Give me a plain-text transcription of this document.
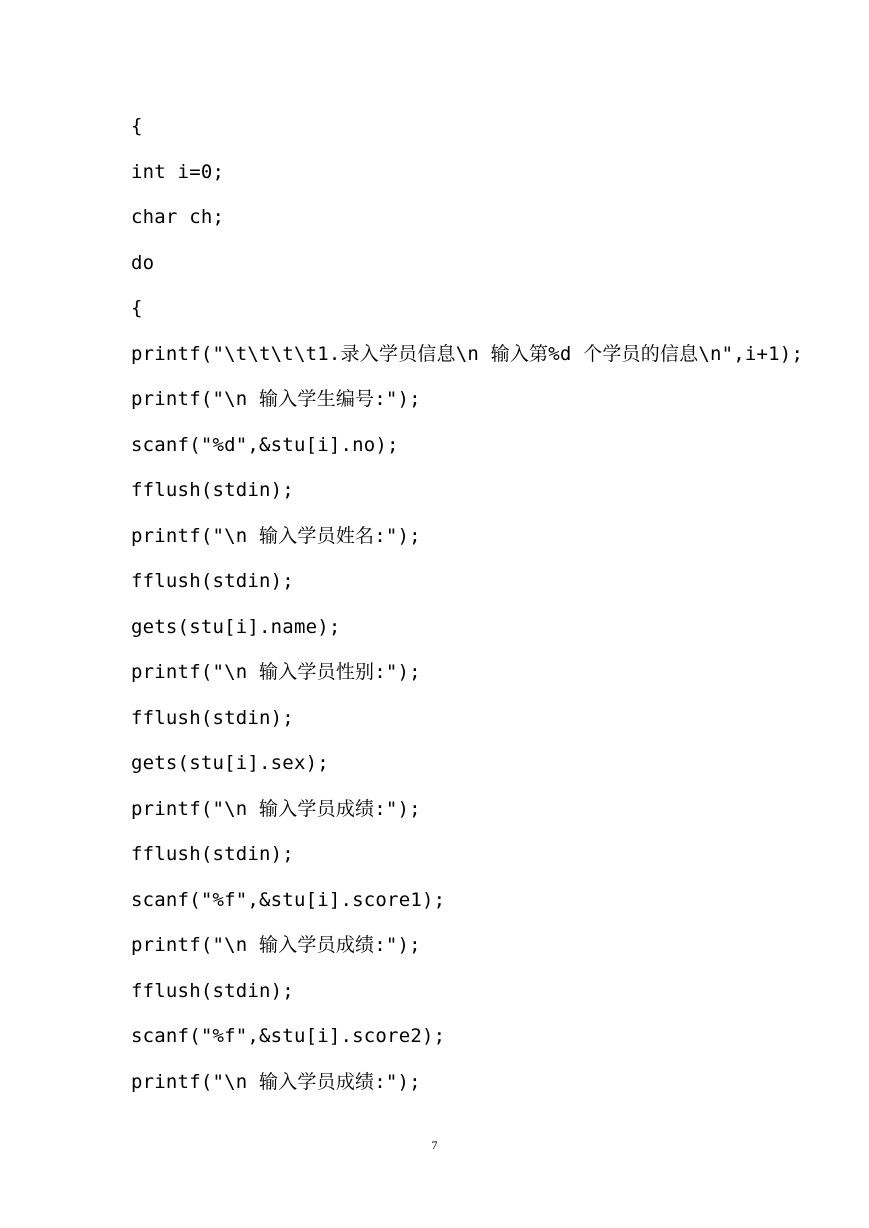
{
int i=0;
char ch;
do
{
printf("\t\t\t\t1.录入学员信息\n 输入第%d 个学员的信息\n",i+1);
printf("\n 输入学生编号:");
scanf("%d",&stu[i].no);
fflush(stdin);
printf("\n 输入学员姓名:");
fflush(stdin);
gets(stu[i].name);
printf("\n 输入学员性别:");
fflush(stdin);
gets(stu[i].sex);
printf("\n 输入学员成绩:");
fflush(stdin);
scanf("%f",&stu[i].score1);
printf("\n 输入学员成绩:");
fflush(stdin);
scanf("%f",&stu[i].score2);
printf("\n 输入学员成绩:");
7
